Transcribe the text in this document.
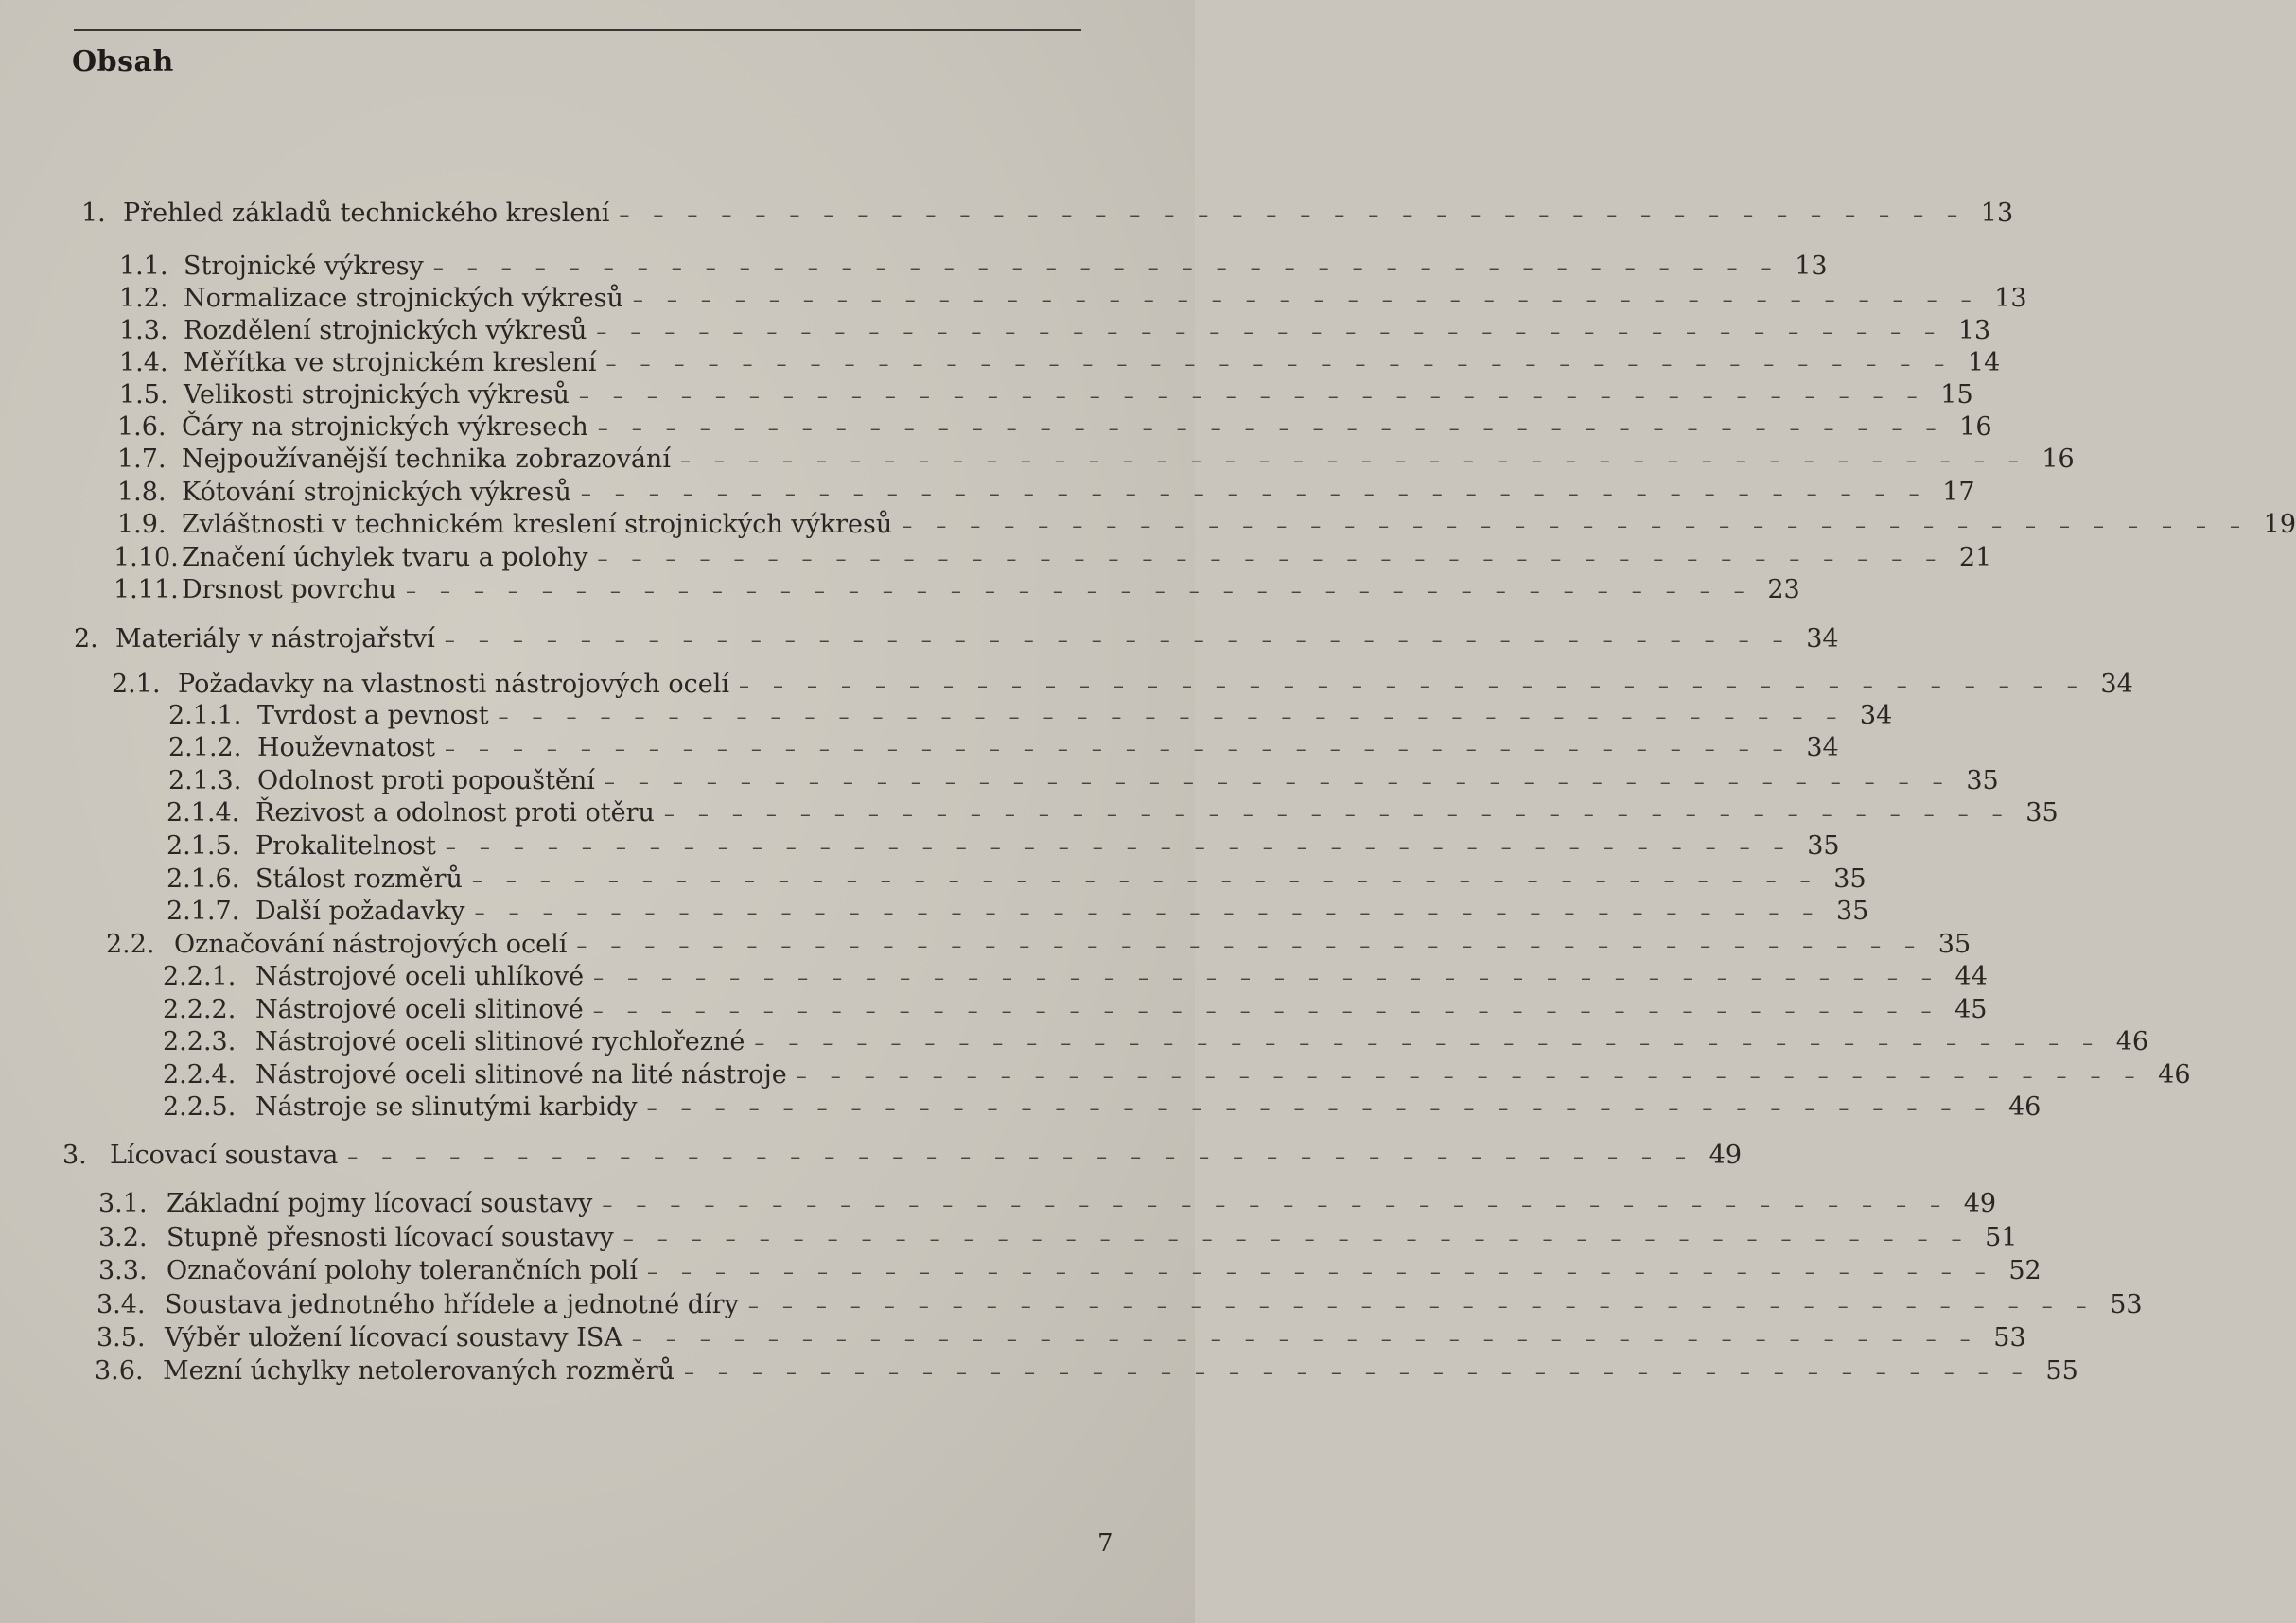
Obsah
1. Přehled základů technického kreslení – – – – – – – – – – – – – – – – – – – – – – – – – – – – – – – – – – – – – – – – 13
1.1. Strojnické výkresy – – – – – – – – – – – – – – – – – – – – – – – – – – – – – – – – – – – – – – – – 13
1.2. Normalizace strojnických výkresů – – – – – – – – – – – – – – – – – – – – – – – – – – – – – – – – – – – – – – – – 13
1.3. Rozdělení strojnických výkresů – – – – – – – – – – – – – – – – – – – – – – – – – – – – – – – – – – – – – – – – 13
1.4. Měřítka ve strojnickém kreslení – – – – – – – – – – – – – – – – – – – – – – – – – – – – – – – – – – – – – – – – 14
1.5. Velikosti strojnických výkresů – – – – – – – – – – – – – – – – – – – – – – – – – – – – – – – – – – – – – – – – 15
1.6. Čáry na strojnických výkresech – – – – – – – – – – – – – – – – – – – – – – – – – – – – – – – – – – – – – – – – 16
1.7. Nejpoužívanější technika zobrazování – – – – – – – – – – – – – – – – – – – – – – – – – – – – – – – – – – – – – – – – 16
1.8. Kótování strojnických výkresů – – – – – – – – – – – – – – – – – – – – – – – – – – – – – – – – – – – – – – – – 17
1.9. Zvláštnosti v technickém kreslení strojnických výkresů – – – – – – – – – – – – – – – – – – – – – – – – – – – – – – – – – – – – – – – – 19
1.10. Značení úchylek tvaru a polohy – – – – – – – – – – – – – – – – – – – – – – – – – – – – – – – – – – – – – – – – 21
1.11. Drsnost povrchu – – – – – – – – – – – – – – – – – – – – – – – – – – – – – – – – – – – – – – – – 23
2. Materiály v nástrojařství – – – – – – – – – – – – – – – – – – – – – – – – – – – – – – – – – – – – – – – – 34
2.1. Požadavky na vlastnosti nástrojových ocelí – – – – – – – – – – – – – – – – – – – – – – – – – – – – – – – – – – – – – – – – 34
2.1.1. Tvrdost a pevnost – – – – – – – – – – – – – – – – – – – – – – – – – – – – – – – – – – – – – – – – 34
2.1.2. Houževnatost – – – – – – – – – – – – – – – – – – – – – – – – – – – – – – – – – – – – – – – – 34
2.1.3. Odolnost proti popouštění – – – – – – – – – – – – – – – – – – – – – – – – – – – – – – – – – – – – – – – – 35
2.1.4. Řezivost a odolnost proti otěru – – – – – – – – – – – – – – – – – – – – – – – – – – – – – – – – – – – – – – – – 35
2.1.5. Prokalitelnost – – – – – – – – – – – – – – – – – – – – – – – – – – – – – – – – – – – – – – – – 35
2.1.6. Stálost rozměrů – – – – – – – – – – – – – – – – – – – – – – – – – – – – – – – – – – – – – – – – 35
2.1.7. Další požadavky – – – – – – – – – – – – – – – – – – – – – – – – – – – – – – – – – – – – – – – – 35
2.2. Označování nástrojových ocelí – – – – – – – – – – – – – – – – – – – – – – – – – – – – – – – – – – – – – – – – 35
2.2.1. Nástrojové oceli uhlíkové – – – – – – – – – – – – – – – – – – – – – – – – – – – – – – – – – – – – – – – – 44
2.2.2. Nástrojové oceli slitinové – – – – – – – – – – – – – – – – – – – – – – – – – – – – – – – – – – – – – – – – 45
2.2.3. Nástrojové oceli slitinové rychlořezné – – – – – – – – – – – – – – – – – – – – – – – – – – – – – – – – – – – – – – – – 46
2.2.4. Nástrojové oceli slitinové na lité nástroje – – – – – – – – – – – – – – – – – – – – – – – – – – – – – – – – – – – – – – – – 46
2.2.5. Nástroje se slinutými karbidy – – – – – – – – – – – – – – – – – – – – – – – – – – – – – – – – – – – – – – – – 46
3. Lícovací soustava – – – – – – – – – – – – – – – – – – – – – – – – – – – – – – – – – – – – – – – – 49
3.1. Základní pojmy lícovací soustavy – – – – – – – – – – – – – – – – – – – – – – – – – – – – – – – – – – – – – – – – 49
3.2. Stupně přesnosti lícovací soustavy – – – – – – – – – – – – – – – – – – – – – – – – – – – – – – – – – – – – – – – – 51
3.3. Označování polohy tolerančních polí – – – – – – – – – – – – – – – – – – – – – – – – – – – – – – – – – – – – – – – – 52
3.4. Soustava jednotného hřídele a jednotné díry – – – – – – – – – – – – – – – – – – – – – – – – – – – – – – – – – – – – – – – – 53
3.5. Výběr uložení lícovací soustavy ISA – – – – – – – – – – – – – – – – – – – – – – – – – – – – – – – – – – – – – – – – 53
3.6. Mezní úchylky netolerovaných rozměrů – – – – – – – – – – – – – – – – – – – – – – – – – – – – – – – – – – – – – – – – 55
7
